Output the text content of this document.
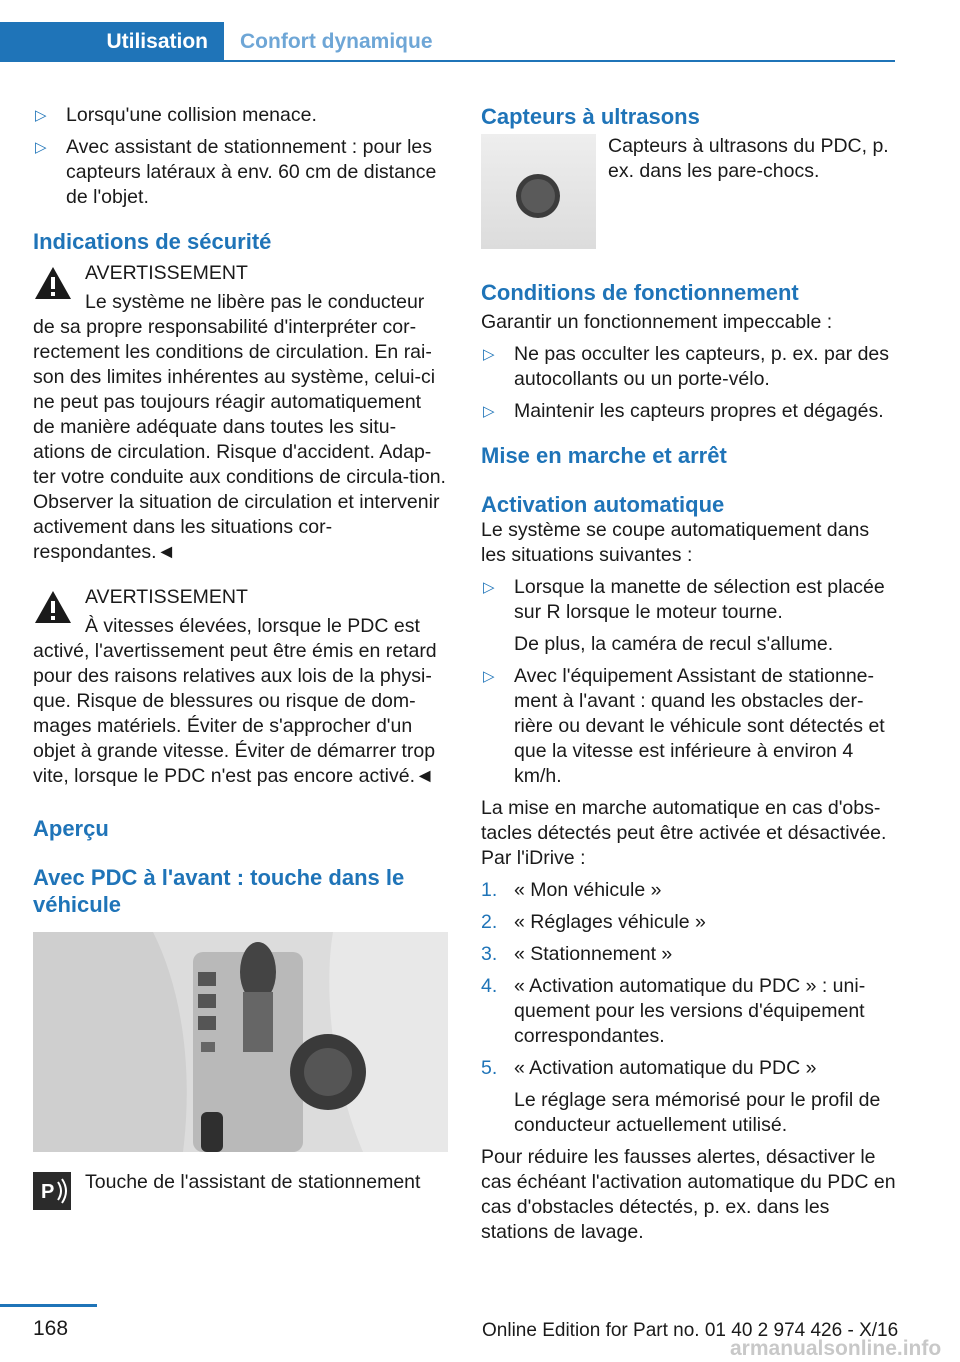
Utilisation	Confort dynamique
▷ Lorsqu'une collision menace.
▷ Avec assistant de stationnement : pour les capteurs latéraux à env. 60 cm de distance de l'objet.
Indications de sécurité
AVERTISSEMENT
Le système ne libère pas le conducteur

de sa propre responsabilité d'interpréter cor-rectement les conditions de circulation. En rai-son des limites inhérentes au système, celui-ci ne peut pas toujours réagir automatiquement de manière adéquate dans toutes les situ-ations de circulation. Risque d'accident. Adap-ter votre conduite aux conditions de circula-tion. Observer la situation de circulation et intervenir activement dans les situations cor-respondantes.◄

AVERTISSEMENT
À vitesses élevées, lorsque le PDC est

activé, l'avertissement peut être émis en retard pour des raisons relatives aux lois de la physi-que. Risque de blessures ou risque de dom-mages matériels. Éviter de s'approcher d'un objet à grande vitesse. Éviter de démarrer trop vite, lorsque le PDC n'est pas encore activé.◄

Aperçu
Avec PDC à l'avant : touche dans le véhicule
P Touche de l'assistant de stationnement
Capteurs à ultrasons

Capteurs à ultrasons du PDC, p. ex. dans les pare-chocs.

Conditions de fonctionnement

Garantir un fonctionnement impeccable :

▷ Ne pas occulter les capteurs, p. ex. par des autocollants ou un porte-vélo.
▷ Maintenir les capteurs propres et dégagés.
Mise en marche et arrêt
Activation automatique

Le système se coupe automatiquement dans les situations suivantes :

▷ Lorsque la manette de sélection est placée sur R lorsque le moteur tourne.
De plus, la caméra de recul s'allume.
▷ Avec l'équipement Assistant de stationne-ment à l'avant : quand les obstacles der-rière ou devant le véhicule sont détectés et que la vitesse est inférieure à environ 4 km/h.

La mise en marche automatique en cas d'obs-tacles détectés peut être activée et désactivée. Par l'iDrive :

1. « Mon véhicule »
2. « Réglages véhicule »
3. « Stationnement »
4. « Activation automatique du PDC » : uni-quement pour les versions d'équipement correspondantes.
5. « Activation automatique du PDC »
Le réglage sera mémorisé pour le profil de conducteur actuellement utilisé.

Pour réduire les fausses alertes, désactiver le cas échéant l'activation automatique du PDC en cas d'obstacles détectés, p. ex. dans les stations de lavage.

168	Online Edition for Part no. 01 40 2 974 426 - X/16
armanualsonline.info
